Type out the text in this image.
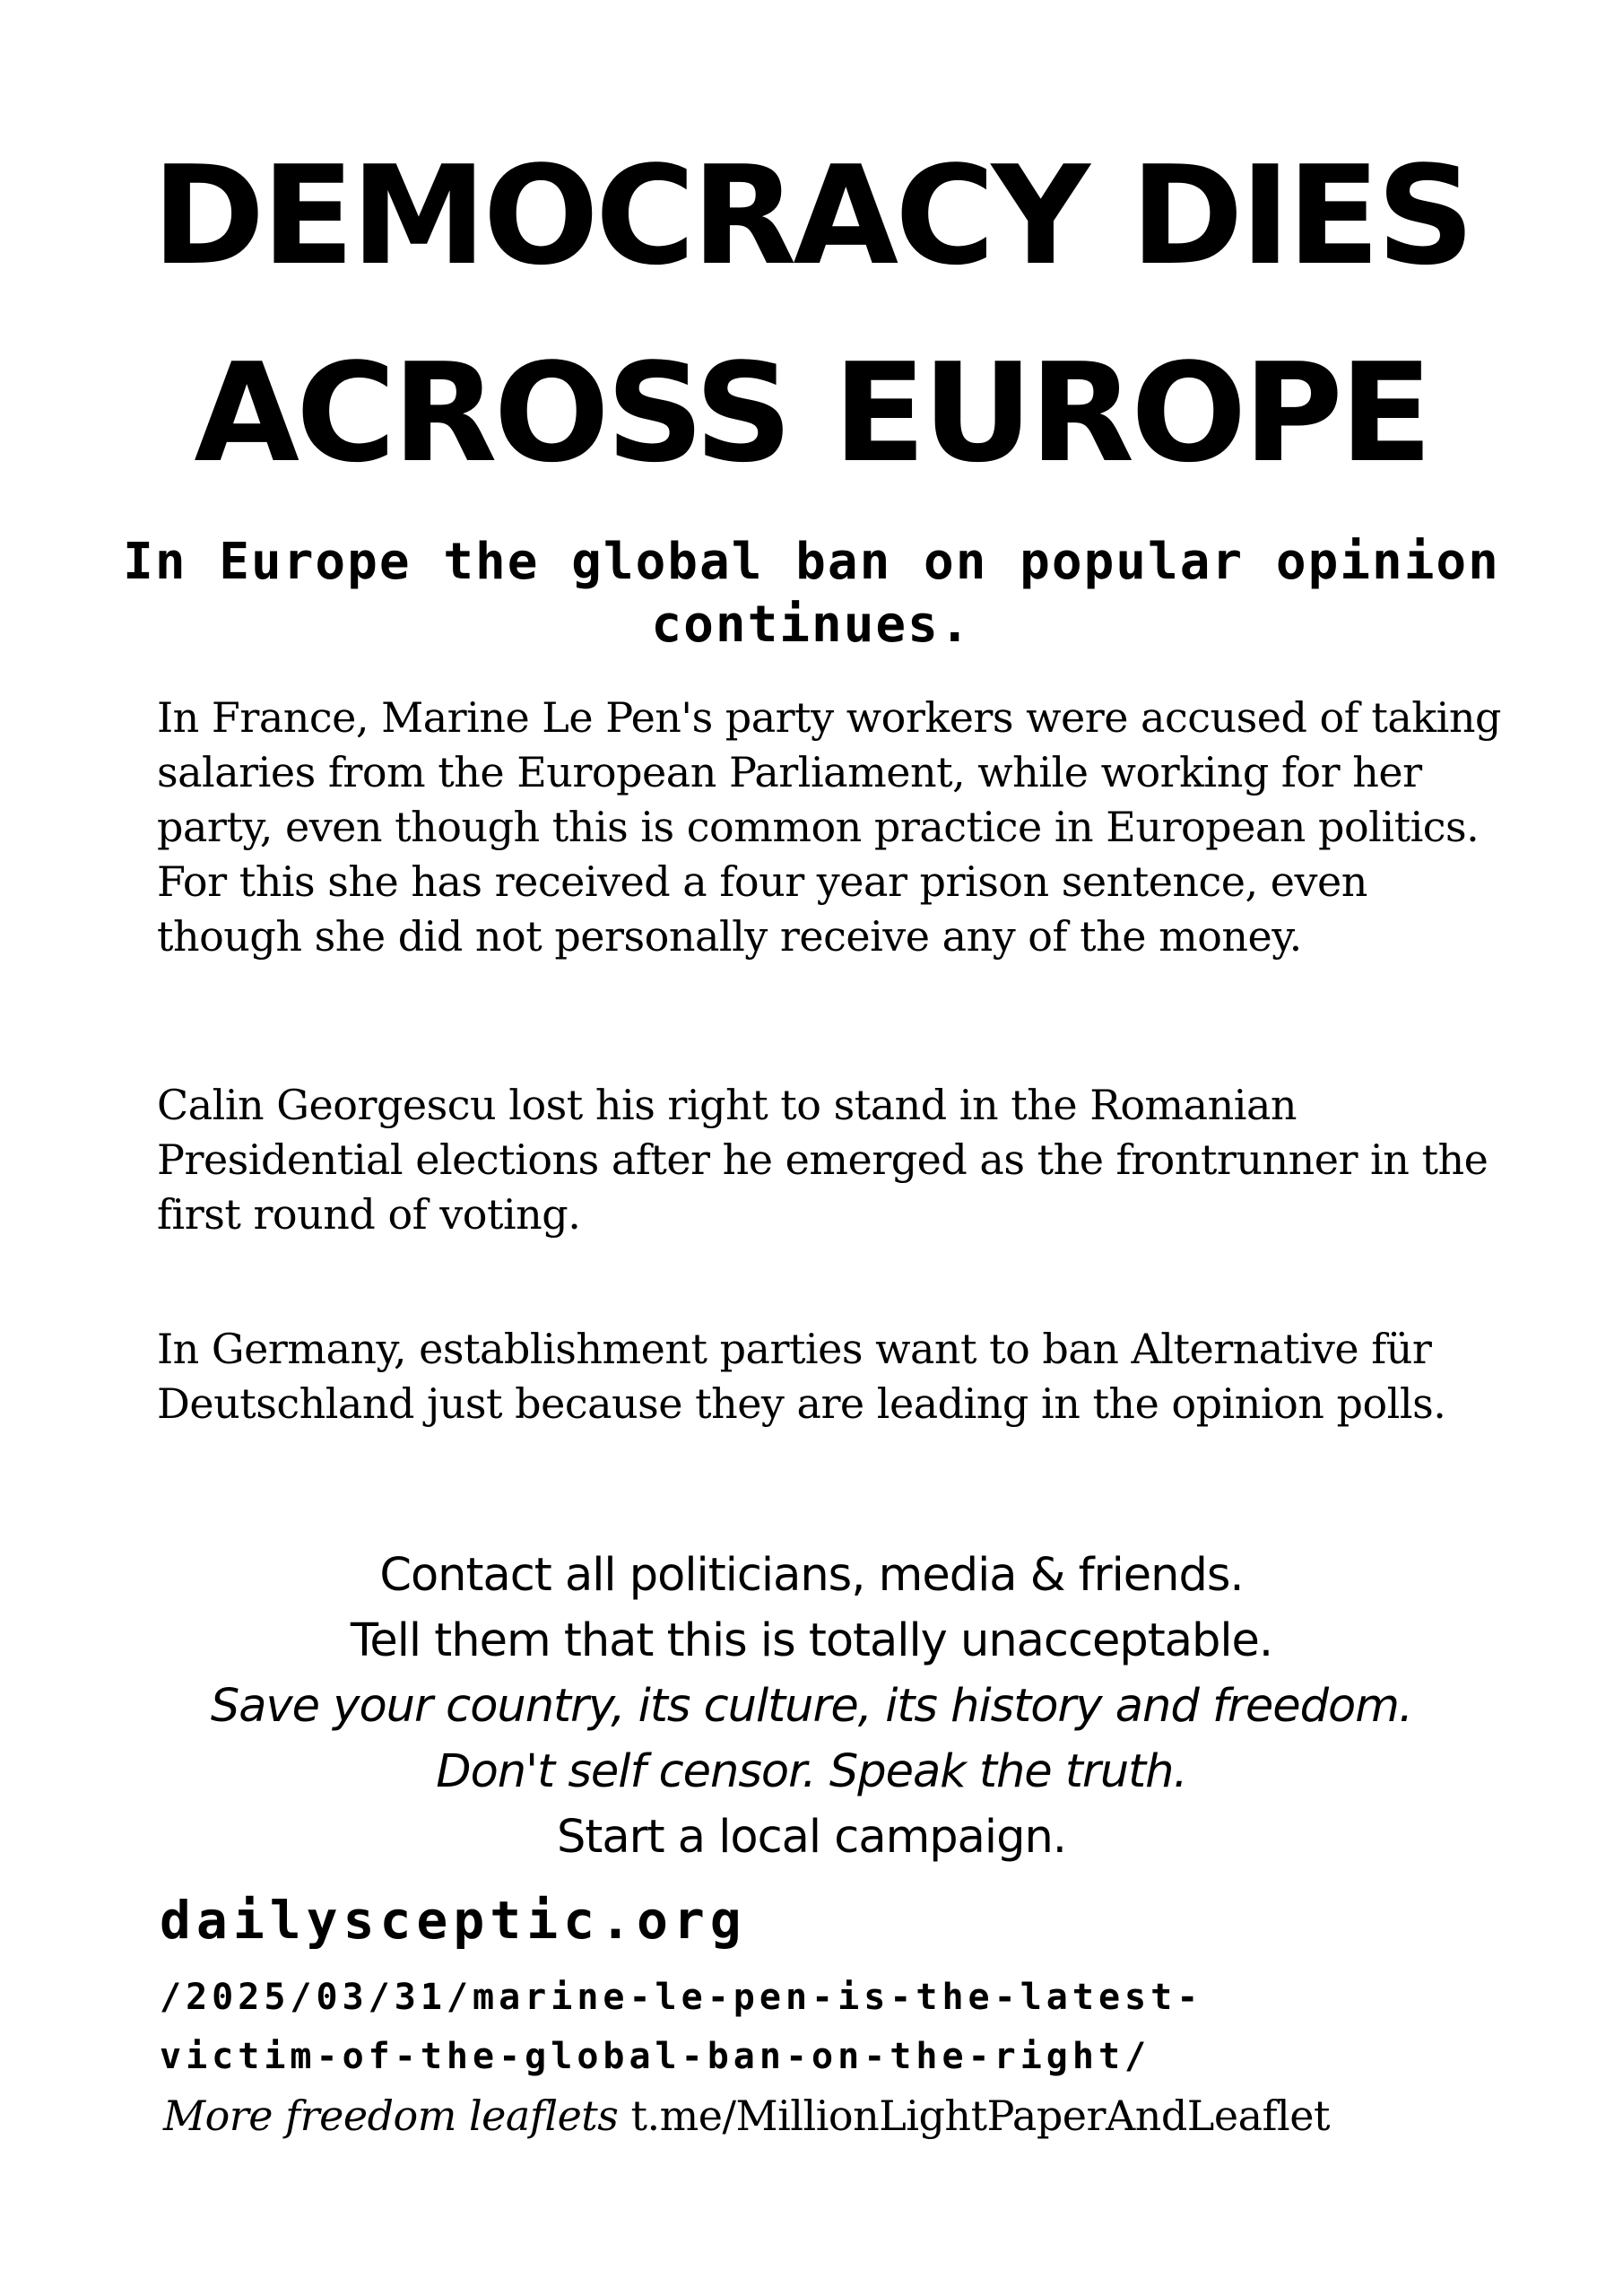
DEMOCRACY DIES
ACROSS EUROPE

In Europe the global ban on popular opinion continues.

In France, Marine Le Pen's party workers were accused of taking salaries from the European Parliament, while working for her party, even though this is common practice in European politics. For this she has received a four year prison sentence, even though she did not personally receive any of the money.

Calin Georgescu lost his right to stand in the Romanian Presidential elections after he emerged as the frontrunner in the first round of voting.

In Germany, establishment parties want to ban Alternative für Deutschland just because they are leading in the opinion polls.

Contact all politicians, media & friends.
Tell them that this is totally unacceptable.
Save your country, its culture, its history and freedom.
Don't self censor. Speak the truth.
Start a local campaign.
dailysceptic.org
/2025/03/31/marine-le-pen-is-the-latest-
victim-of-the-global-ban-on-the-right/
More freedom leaflets t.me/MillionLightPaperAndLeaflet
